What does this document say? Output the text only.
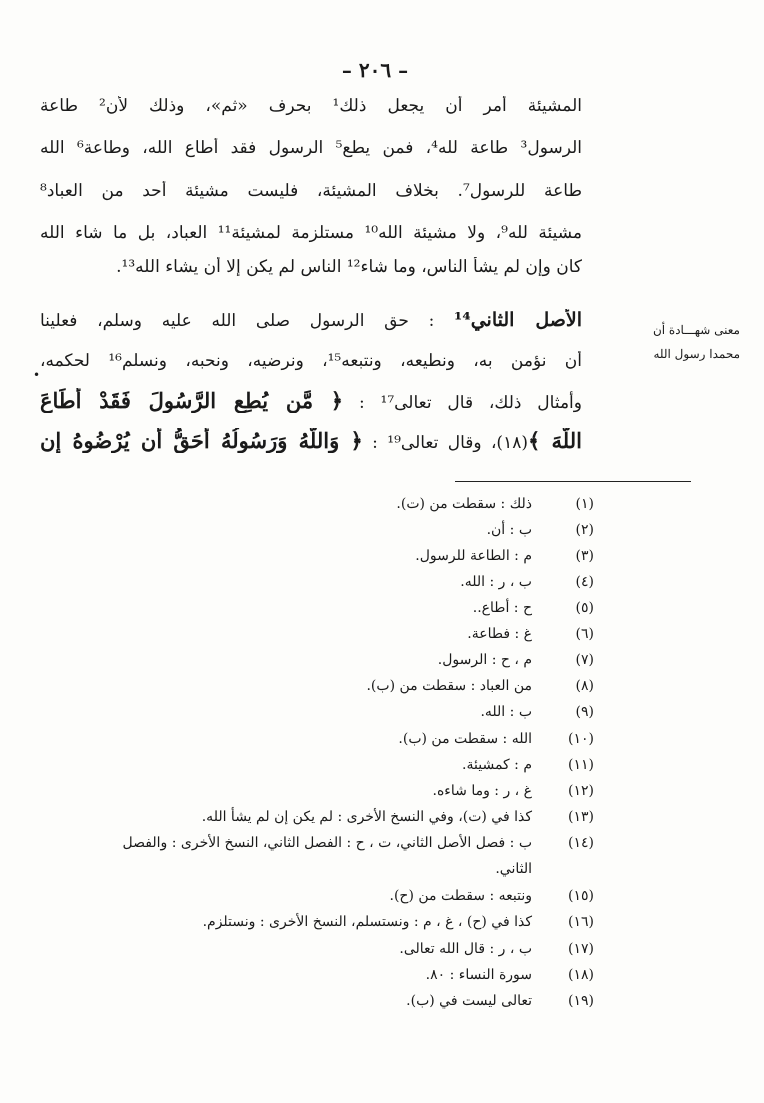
– ٢٠٦ –
المشيئة أمر أن يجعل ذلك¹ بحرف «ثم»، وذلك لأن² طاعة
الرسول³ طاعة لله⁴، فمن يطع⁵ الرسول فقد أطاع الله، وطاعة⁶ الله
طاعة للرسول⁷. بخلاف المشيئة، فليست مشيئة أحد من العباد⁸
مشيئة لله⁹، ولا مشيئة الله¹⁰ مستلزمة لمشيئة¹¹ العباد، بل ما شاء الله
كان وإن لم يشأ الناس، وما شاء¹² الناس لم يكن إلا أن يشاء الله¹³.
الأصل الثاني¹⁴ : حق الرسول صلى الله عليه وسلم، فعلينا
أن نؤمن به، ونطيعه، ونتبعه¹⁵، ونرضيه، ونحبه، ونسلم¹⁶ لحكمه،
وأمثال ذلك، قال تعالى¹⁷ : ﴿ مَّن يُطِعِ الرَّسُولَ فَقَدْ أَطَاعَ
اللَّهَ ﴾(١٨)، وقال تعالى¹⁹ : ﴿ وَاللَّهُ وَرَسُولُهُ أَحَقُّ أَن يُرْضُوهُ إِن
معنى شهـــادة أن
محمدا رسول الله
•
(١)
ذلك : سقطت من (ت).
(٢)
ب : أن.
(٣)
م : الطاعة للرسول.
(٤)
ب ، ر : الله.
(٥)
ح : أطاع..
(٦)
غ : فطاعة.
(٧)
م ، ح : الرسول.
(٨)
من العباد : سقطت من (ب).
(٩)
ب : الله.
(١٠)
الله : سقطت من (ب).
(١١)
م : كمشيئة.
(١٢)
غ ، ر : وما شاءه.
(١٣)
كذا في (ت)، وفي النسخ الأخرى : لم يكن إن لم يشأ الله.
(١٤)
ب : فصل الأصل الثاني، ت ، ح : الفصل الثاني، النسخ الأخرى : والفصل
الثاني.
(١٥)
ونتبعه : سقطت من (ح).
(١٦)
كذا في (ح) ، غ ، م : ونستسلم، النسخ الأخرى : ونستلزم.
(١٧)
ب ، ر : قال الله تعالى.
(١٨)
سورة النساء : ٨٠.
(١٩)
تعالى ليست في (ب).
